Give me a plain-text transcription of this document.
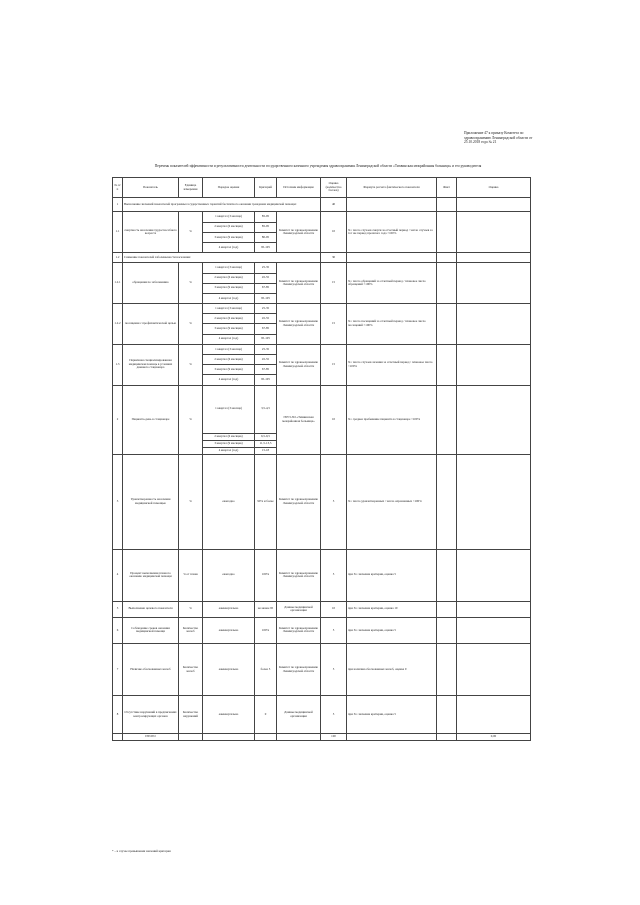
Приложение 47 к приказу Комитета по
здравоохранению Ленинградской области от
25.10.2018 года № 21
Перечень показателей эффективности и результативности деятельности государственного казенного учреждения здравоохранения Ленинградской области «Тихвинская межрайонная больница» и его руководителя
№ п/п	Показатель	Единица измерения	Порядок оценки	Критерий	Источник информации	Оценка (количество баллов)	Формула расчета фактического показателя	Факт	Оценка
1	Выполнение значений показателей программы государственных гарантий бесплатного оказания гражданам медицинской помощи:					40			
1.1	смертность населения трудоспособного возраста	%	1 квартал (3 месяца)	85-95	Комитет по здравоохранению Ленинградской области	10	Х= число случаев смерти за отчетный период / число случаев за тот же период прошлого года ×100%		
			2 квартал (6 месяцев)	85-95					
			3 квартал (9 месяцев)	80-95					
			4 квартал (год)	95-105					
1.2	Снижение показателей заболеваемости населения:					30			
1.2.1	обращения по заболеванию	%	1 квартал (3 месяца)	25-35	Комитет по здравоохранению Ленинградской области	15	Х= число обращений за отчетный период / плановое число обращений ×100%		
			2 квартал (6 месяцев)	45-55					
			3 квартал (9 месяцев)	67-85					
			4 квартал (год)	95-105					
1.2.2	посещения с профилактической целью	%	1 квартал (3 месяца)	25-35	Комитет по здравоохранению Ленинградской области	15	Х= число посещений за отчетный период / плановое число посещений ×100%		
			2 квартал (6 месяцев)	45-55					
			3 квартал (9 месяцев)	67-85					
			4 квартал (год)	95-105					
1.3	Первичная специализированная медицинская помощь в условиях дневного стационара	%	1 квартал (3 месяца)	25-35	Комитет по здравоохранению Ленинградской области	15	Х= число случаев лечения за отчетный период / плановое число ×100%		
			2 квартал (6 месяцев)	45-55					
			3 квартал (9 месяцев)	67-85					
			4 квартал (год)	95-105					
2	Пациенто-день в стационаре	%	1 квартал (3 месяца)	3,5-4,5	ГБУЗ ЛО «Тихвинская межрайонная больница»	10	Х= среднее пребывание пациента в стационаре ×100%		
			2 квартал (6 месяцев)	6,5-9,5					
			3 квартал (9 месяцев)	11,5-13,5					
			4 квартал (год)	15-18					
3	Удовлетворенность населения медицинской помощью	%	ежегодно	90% и более	Комитет по здравоохранению Ленинградской области	5	Х= число удовлетворенных / число опрошенных ×100%		
4	Процент выполнения плана по оказанию медицинской помощи	% от плана	ежегодно	100%	Комитет по здравоохранению Ленинградской области	5	при Х= значение критерия, оценка 5		
5	Выполнение целевого показателя	%	ежеквартально	не менее 95	Данные медицинской организации	10	при Х= значение критерия, оценка 10		
6	Соблюдение сроков оказания медицинской помощи	Количество жалоб	ежеквартально	100%	Комитет по здравоохранению Ленинградской области	5	при Х= значение критерия, оценка 5		
7	Наличие обоснованных жалоб	Количество жалоб	ежеквартально	более 5	Комитет по здравоохранению Ленинградской области	5	при наличии обоснованных жалоб, оценка 0		
8	Отсутствие нарушений в предписаниях контролирующих органов	Количество нарушений	ежеквартально	0	Данные медицинской организации	5	при Х= значение критерия, оценка 5		
	ИТОГО					100			0,00
* – в случае превышения значений критерия
